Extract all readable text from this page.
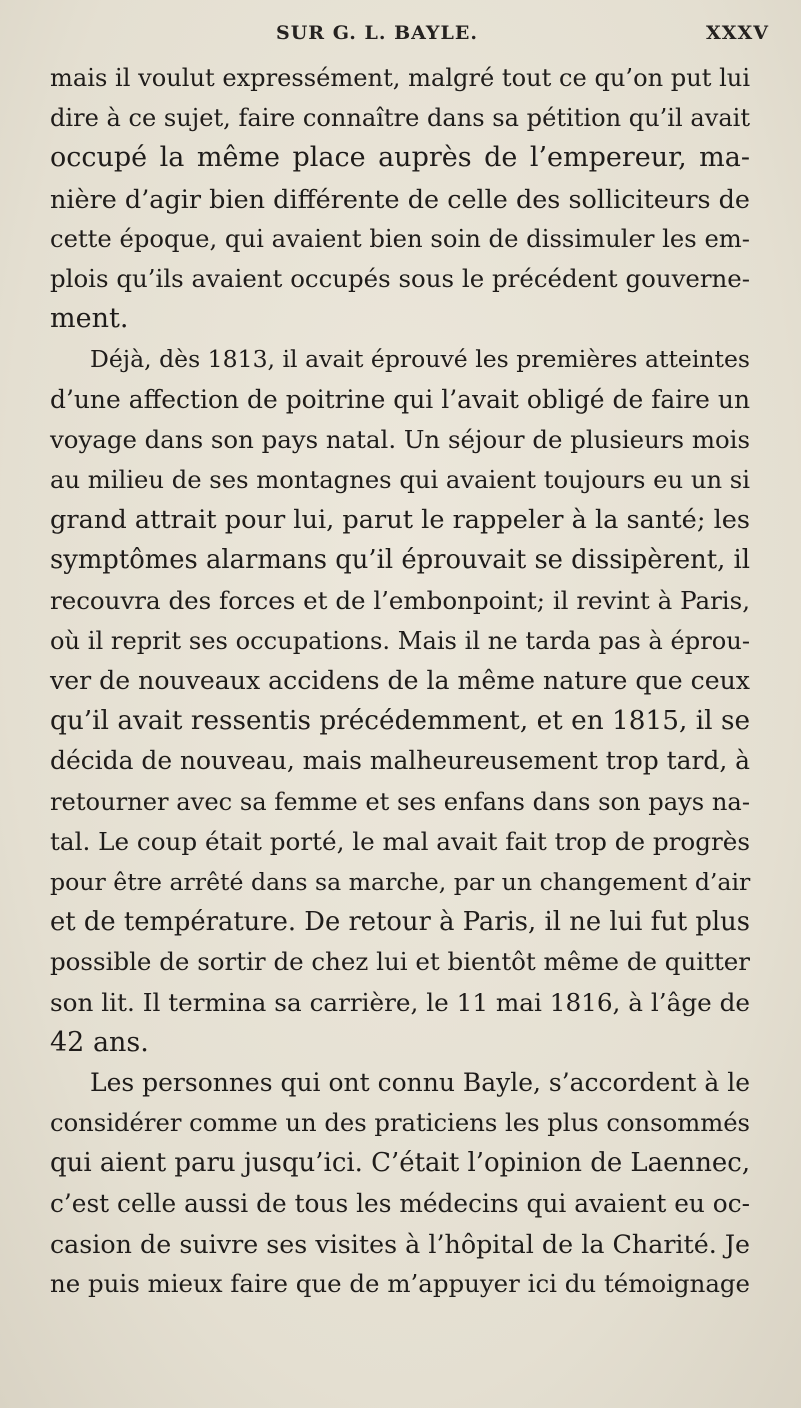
SUR G. L. BAYLE.	XXXV
mais il voulut expressément, malgré tout ce qu’on put lui
dire à ce sujet, faire connaître dans sa pétition qu’il avait
occupé la même place auprès de l’empereur, ma-
nière d’agir bien différente de celle des solliciteurs de
cette époque, qui avaient bien soin de dissimuler les em-
plois qu’ils avaient occupés sous le précédent gouverne-
ment.
Déjà, dès 1813, il avait éprouvé les premières atteintes
d’une affection de poitrine qui l’avait obligé de faire un
voyage dans son pays natal. Un séjour de plusieurs mois
au milieu de ses montagnes qui avaient toujours eu un si
grand attrait pour lui, parut le rappeler à la santé; les
symptômes alarmans qu’il éprouvait se dissipèrent, il
recouvra des forces et de l’embonpoint; il revint à Paris,
où il reprit ses occupations. Mais il ne tarda pas à éprou-
ver de nouveaux accidens de la même nature que ceux
qu’il avait ressentis précédemment, et en 1815, il se
décida de nouveau, mais malheureusement trop tard, à
retourner avec sa femme et ses enfans dans son pays na-
tal. Le coup était porté, le mal avait fait trop de progrès
pour être arrêté dans sa marche, par un changement d’air
et de température. De retour à Paris, il ne lui fut plus
possible de sortir de chez lui et bientôt même de quitter
son lit. Il termina sa carrière, le 11 mai 1816, à l’âge de
42 ans.
Les personnes qui ont connu Bayle, s’accordent à le
considérer comme un des praticiens les plus consommés
qui aient paru jusqu’ici. C’était l’opinion de Laennec,
c’est celle aussi de tous les médecins qui avaient eu oc-
casion de suivre ses visites à l’hôpital de la Charité. Je
ne puis mieux faire que de m’appuyer ici du témoignage
